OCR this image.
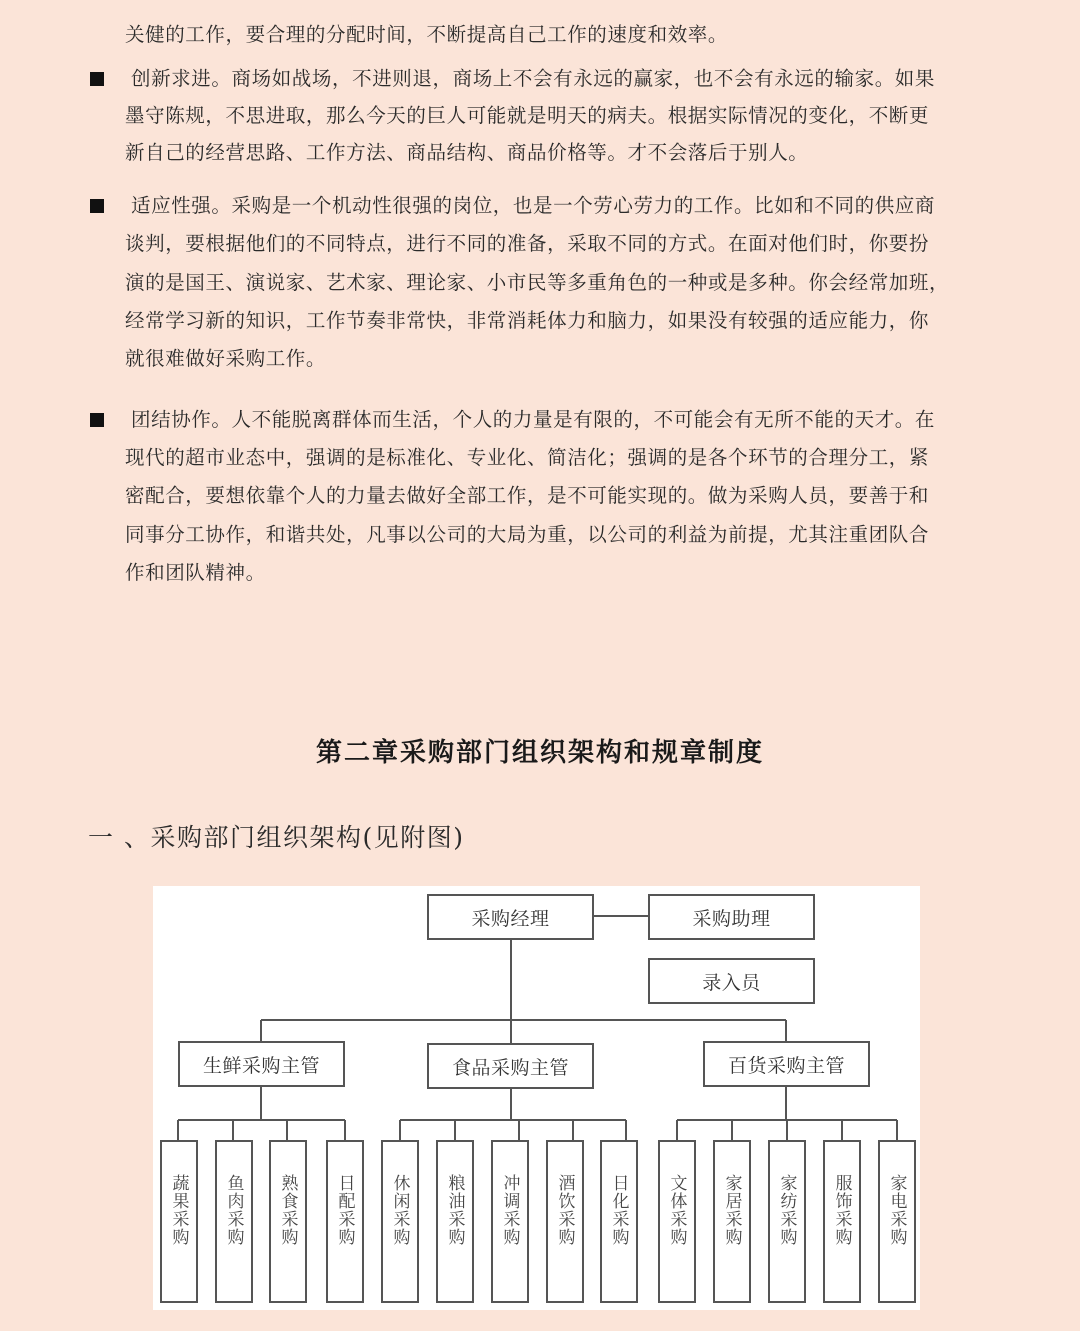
关健的工作，要合理的分配时间，不断提高自己工作的速度和效率。
创新求进。商场如战场，不进则退，商场上不会有永远的赢家，也不会有永远的输家。如果
墨守陈规，不思进取，那么今天的巨人可能就是明天的病夫。根据实际情况的变化，不断更
新自己的经营思路、工作方法、商品结构、商品价格等。才不会落后于别人。
适应性强。采购是一个机动性很强的岗位，也是一个劳心劳力的工作。比如和不同的供应商
谈判，要根据他们的不同特点，进行不同的准备，采取不同的方式。在面对他们时，你要扮
演的是国王、演说家、艺术家、理论家、小市民等多重角色的一种或是多种。你会经常加班，
经常学习新的知识，工作节奏非常快，非常消耗体力和脑力，如果没有较强的适应能力，你
就很难做好采购工作。
团结协作。人不能脱离群体而生活，个人的力量是有限的，不可能会有无所不能的天才。在
现代的超市业态中，强调的是标准化、专业化、简洁化；强调的是各个环节的合理分工，紧
密配合，要想依靠个人的力量去做好全部工作，是不可能实现的。做为采购人员，要善于和
同事分工协作，和谐共处，凡事以公司的大局为重，以公司的利益为前提，尤其注重团队合
作和团队精神。
第二章采购部门组织架构和规章制度
一 、采购部门组织架构(见附图)
采购经理	采购助理
录入员
生鲜采购主管	食品采购主管	百货采购主管
蔬果采购 鱼肉采购 熟食采购 日配采购 休闲采购 粮油采购 冲调采购 酒饮采购 日化采购 文体采购 家居采购 家纺采购 服饰采购 家电采购
